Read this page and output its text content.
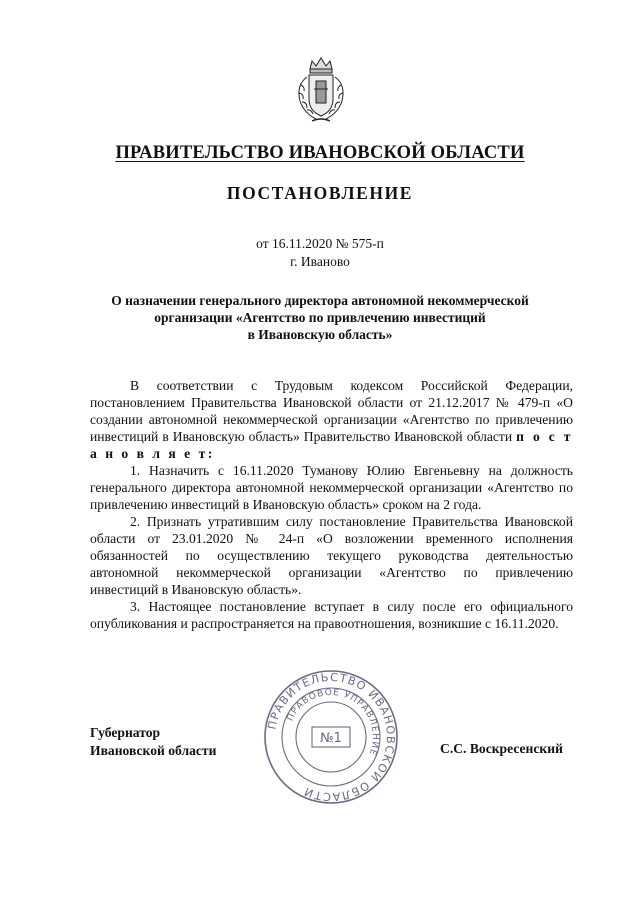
ПРАВИТЕЛЬСТВО ИВАНОВСКОЙ ОБЛАСТИ
ПОСТАНОВЛЕНИЕ
от 16.11.2020 № 575-п
г. Иваново
О назначении генерального директора автономной некоммерческой
организации «Агентство по привлечению инвестиций
в Ивановскую область»

В соответствии с Трудовым кодексом Российской Федерации, постановлением Правительства Ивановской области от 21.12.2017 № 479-п «О создании автономной некоммерческой организации «Агентство по привлечению инвестиций в Ивановскую область» Правительство Ивановской области п о с т а н о в л я е т:

1. Назначить с 16.11.2020 Туманову Юлию Евгеньевну на должность генерального директора автономной некоммерческой организации «Агентство по привлечению инвестиций в Ивановскую область» сроком на 2 года.

2. Признать утратившим силу постановление Правительства Ивановской области от 23.01.2020 № 24-п «О возложении временного исполнения обязанностей по осуществлению текущего руководства деятельностью автономной некоммерческой организации «Агентство по привлечению инвестиций в Ивановскую область».

3. Настоящее постановление вступает в силу после его официального опубликования и распространяется на правоотношения, возникшие с 16.11.2020.

Губернатор
Ивановской области
ПРАВИТЕЛЬСТВО ИВАНОВСКОЙ ОБЛАСТИ
ПРАВОВОЕ УПРАВЛЕНИЕ
№1
С.С. Воскресенский
